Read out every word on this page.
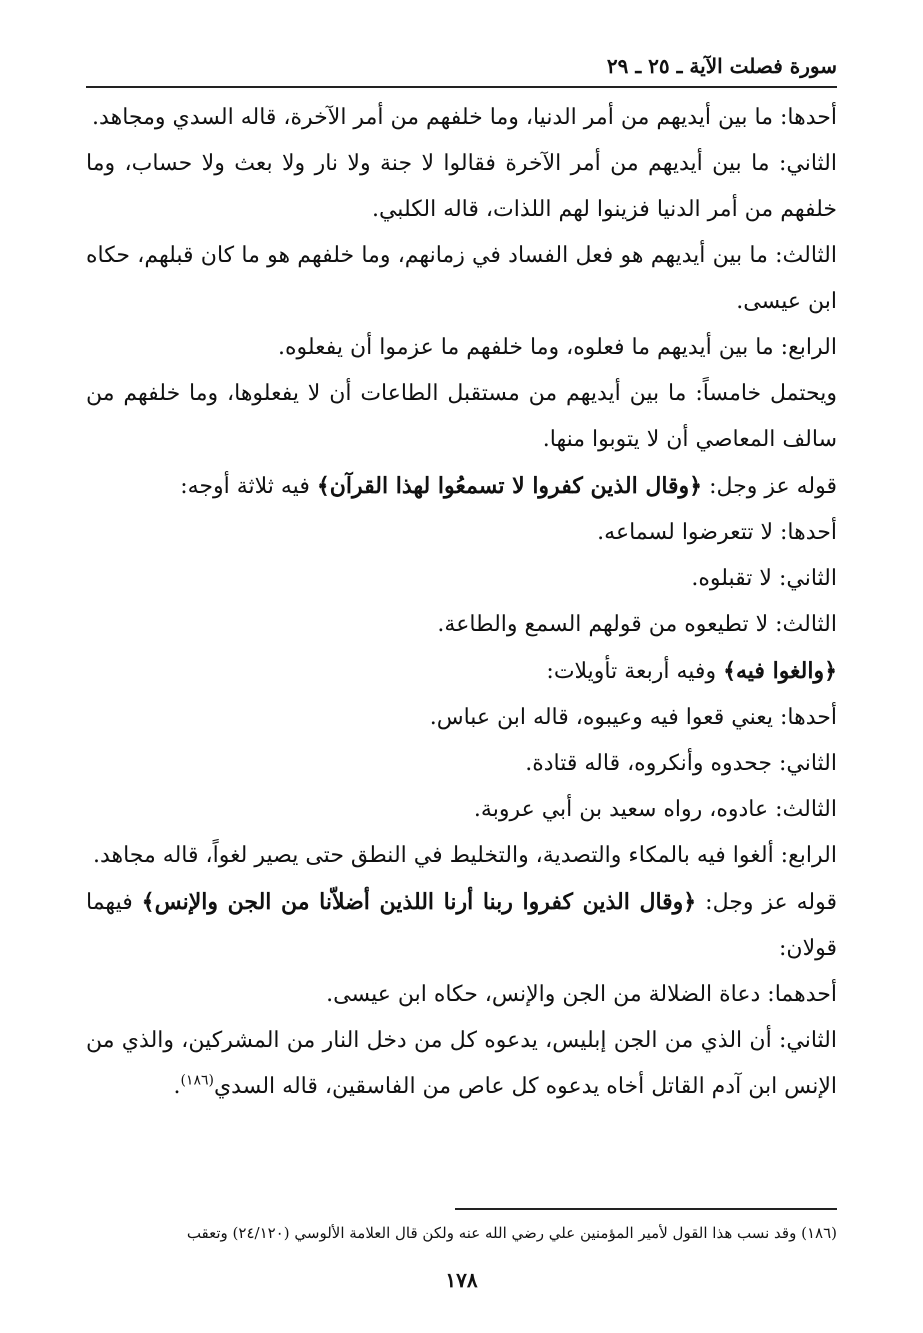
سورة فصلت الآية ـ ٢٥ ـ ٢٩

أحدها: ما بين أيديهم من أمر الدنيا، وما خلفهم من أمر الآخرة، قاله السدي ومجاهد.

الثاني: ما بين أيديهم من أمر الآخرة فقالوا لا جنة ولا نار ولا بعث ولا حساب، وما خلفهم من أمر الدنيا فزينوا لهم اللذات، قاله الكلبي.

الثالث: ما بين أيديهم هو فعل الفساد في زمانهم، وما خلفهم هو ما كان قبلهم، حكاه ابن عيسى.

الرابع: ما بين أيديهم ما فعلوه، وما خلفهم ما عزموا أن يفعلوه.

ويحتمل خامساً: ما بين أيديهم من مستقبل الطاعات أن لا يفعلوها، وما خلفهم من سالف المعاصي أن لا يتوبوا منها.

قوله عز وجل: ﴿وقال الذين كفروا لا تسمعُوا لهذا القرآن﴾ فيه ثلاثة أوجه:

أحدها: لا تتعرضوا لسماعه.

الثاني: لا تقبلوه.

الثالث: لا تطيعوه من قولهم السمع والطاعة.

﴿والغوا فيه﴾ وفيه أربعة تأويلات:

أحدها: يعني قعوا فيه وعيبوه، قاله ابن عباس.

الثاني: جحدوه وأنكروه، قاله قتادة.

الثالث: عادوه، رواه سعيد بن أبي عروبة.

الرابع: ألغوا فيه بالمكاء والتصدية، والتخليط في النطق حتى يصير لغواً، قاله مجاهد.

قوله عز وجل: ﴿وقال الذين كفروا ربنا أرنا اللذين أضلاّنا من الجن والإنس﴾ فيهما قولان:

أحدهما: دعاة الضلالة من الجن والإنس، حكاه ابن عيسى.

الثاني: أن الذي من الجن إبليس، يدعوه كل من دخل النار من المشركين، والذي من الإنس ابن آدم القاتل أخاه يدعوه كل عاص من الفاسقين، قاله السدي$^{(١٨٦)}$.

(١٨٦) وقد نسب هذا القول لأمير المؤمنين علي رضي الله عنه ولكن قال العلامة الألوسي (٢٤/١٢٠) وتعقب
١٧٨
